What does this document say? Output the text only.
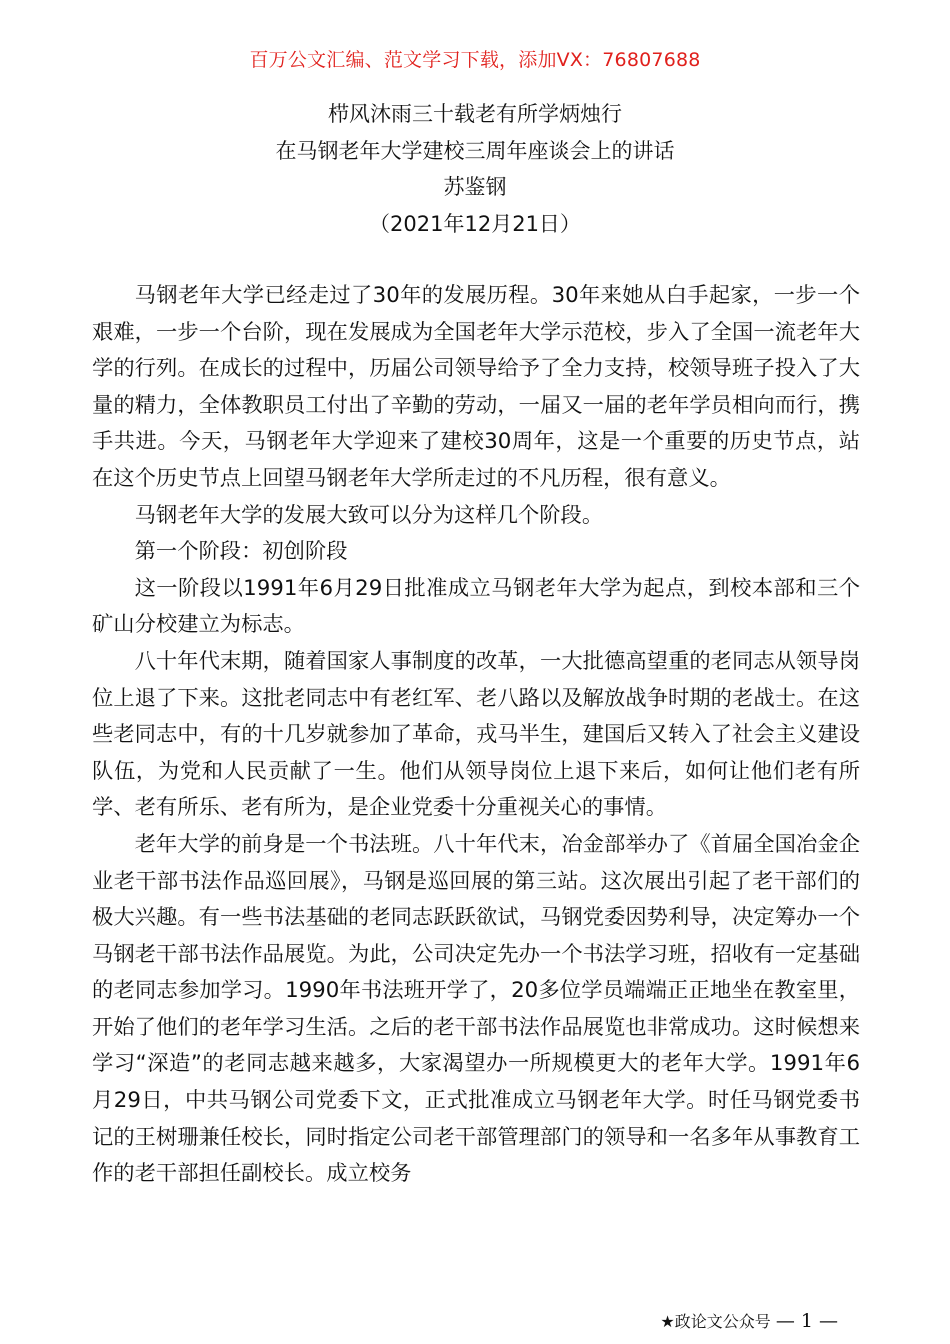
百万公文汇编、范文学习下载，添加VX：76807688
栉风沐雨三十载老有所学炳烛行
在马钢老年大学建校三周年座谈会上的讲话
苏鉴钢
（2021年12月21日）

马钢老年大学已经走过了30年的发展历程。30年来她从白手起家，一步一个艰难，一步一个台阶，现在发展成为全国老年大学示范校，步入了全国一流老年大学的行列。在成长的过程中，历届公司领导给予了全力支持，校领导班子投入了大量的精力，全体教职员工付出了辛勤的劳动，一届又一届的老年学员相向而行，携手共进。今天，马钢老年大学迎来了建校30周年，这是一个重要的历史节点，站在这个历史节点上回望马钢老年大学所走过的不凡历程，很有意义。

马钢老年大学的发展大致可以分为这样几个阶段。

第一个阶段：初创阶段

这一阶段以1991年6月29日批准成立马钢老年大学为起点，到校本部和三个矿山分校建立为标志。

八十年代末期，随着国家人事制度的改革，一大批德高望重的老同志从领导岗位上退了下来。这批老同志中有老红军、老八路以及解放战争时期的老战士。在这些老同志中，有的十几岁就参加了革命，戎马半生，建国后又转入了社会主义建设队伍，为党和人民贡献了一生。他们从领导岗位上退下来后，如何让他们老有所学、老有所乐、老有所为，是企业党委十分重视关心的事情。

老年大学的前身是一个书法班。八十年代末，冶金部举办了《首届全国冶金企业老干部书法作品巡回展》，马钢是巡回展的第三站。这次展出引起了老干部们的极大兴趣。有一些书法基础的老同志跃跃欲试，马钢党委因势利导，决定筹办一个马钢老干部书法作品展览。为此，公司决定先办一个书法学习班，招收有一定基础的老同志参加学习。1990年书法班开学了，20多位学员端端正正地坐在教室里，开始了他们的老年学习生活。之后的老干部书法作品展览也非常成功。这时候想来学习“深造”的老同志越来越多，大家渴望办一所规模更大的老年大学。1991年6月29日，中共马钢公司党委下文，正式批准成立马钢老年大学。时任马钢党委书记的王树珊兼任校长，同时指定公司老干部管理部门的领导和一名多年从事教育工作的老干部担任副校长。成立校务

★政论文公众号 — 1 —
